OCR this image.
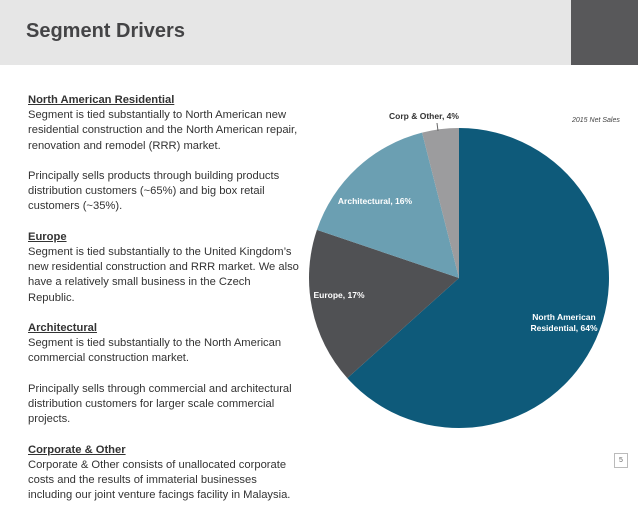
Segment Drivers
North American Residential
Segment is tied substantially to North American new residential construction and the North American repair, renovation and remodel (RRR) market.
Principally sells products through building products distribution customers (~65%) and big box retail customers (~35%).
Europe
Segment is tied substantially to the United Kingdom’s new residential construction and RRR market. We also have a relatively small business in the Czech Republic.
Architectural
Segment is tied substantially to the North American commercial construction market.
Principally sells through commercial and architectural distribution customers for larger scale commercial projects.
Corporate & Other
Corporate & Other consists of unallocated corporate costs and the results of immaterial businesses including our joint venture facings facility in Malaysia.
2015 Net Sales
North American Residential, 64%
Europe, 17%
Architectural, 16%
Corp & Other, 4%
5
